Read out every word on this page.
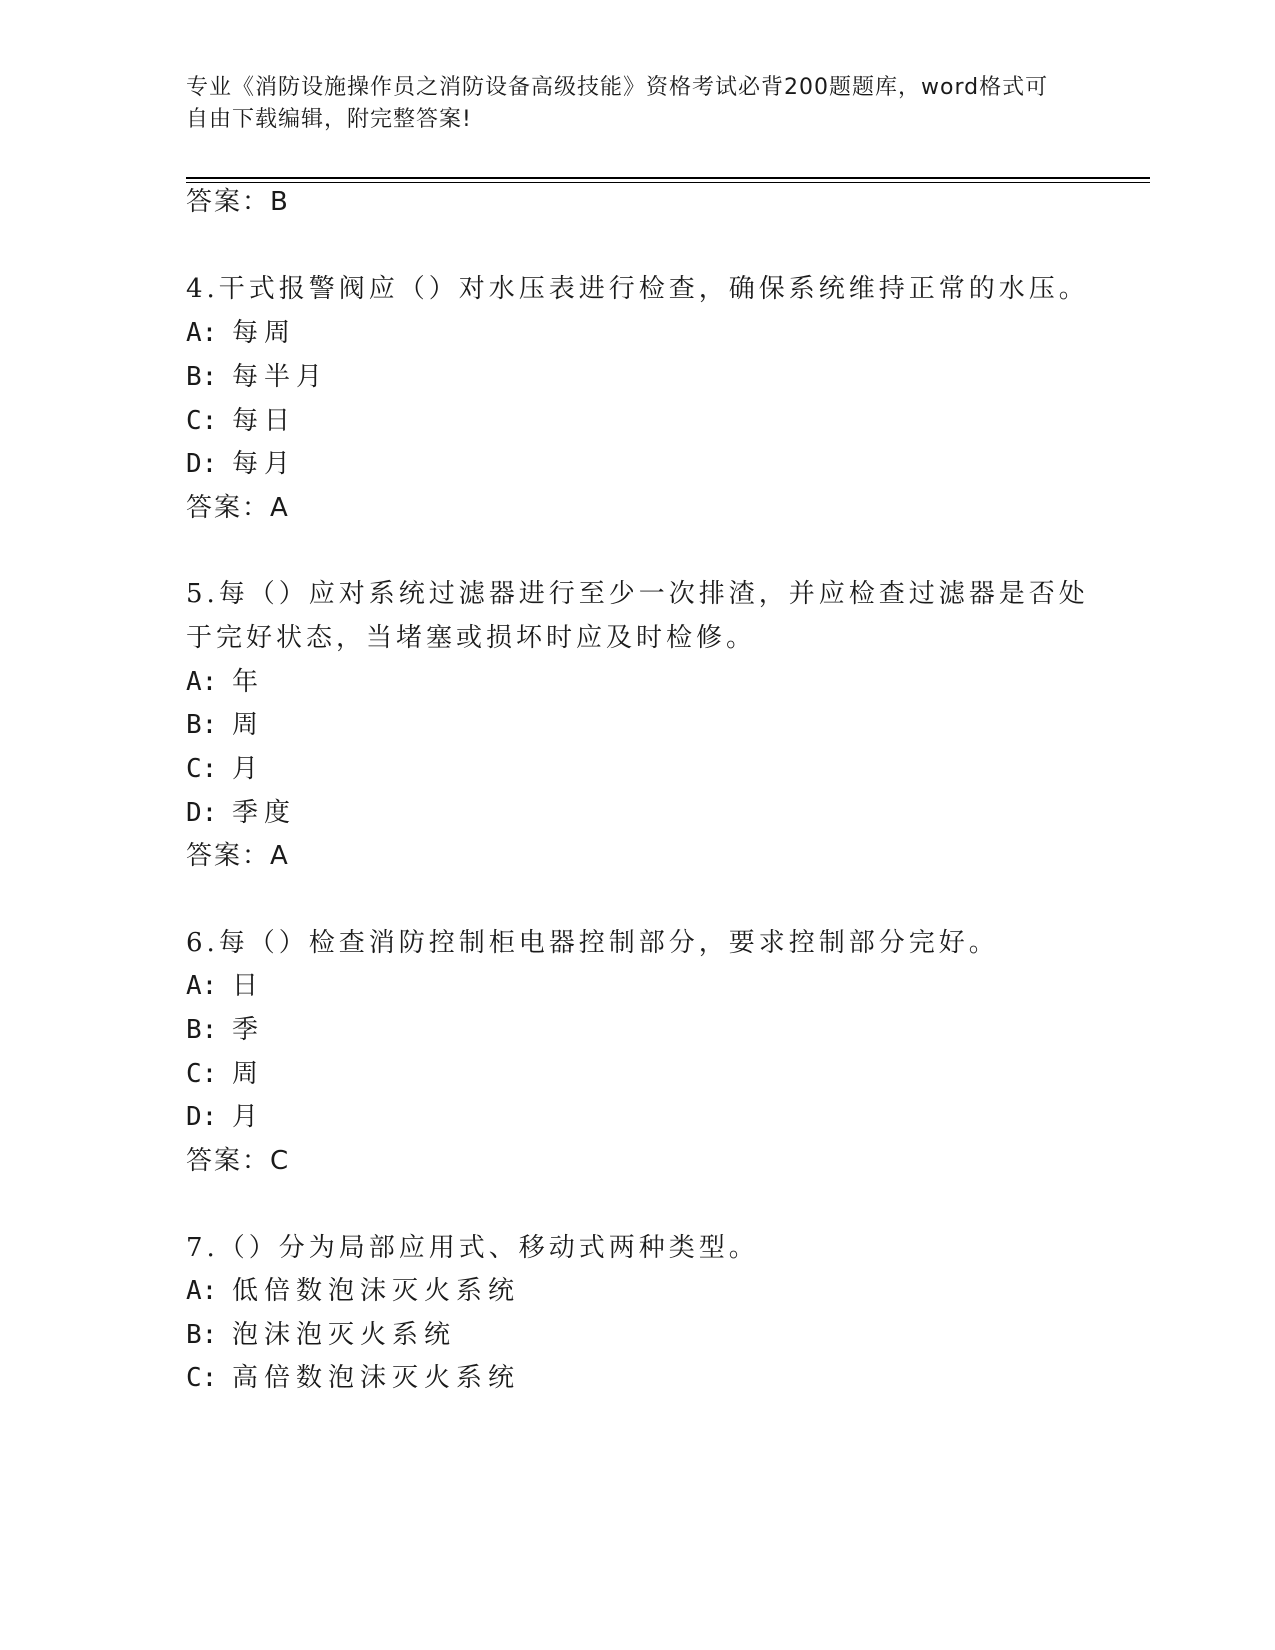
专业《消防设施操作员之消防设备高级技能》资格考试必背200题题库，word格式可自由下载编辑，附完整答案!
答案：B
4.干式报警阀应（）对水压表进行检查，确保系统维持正常的水压。
A: 每周
B: 每半月
C: 每日
D: 每月
答案：A
5.每（）应对系统过滤器进行至少一次排渣，并应检查过滤器是否处
于完好状态，当堵塞或损坏时应及时检修。
A: 年
B: 周
C: 月
D: 季度
答案：A
6.每（）检查消防控制柜电器控制部分，要求控制部分完好。
A: 日
B: 季
C: 周
D: 月
答案：C
7.（）分为局部应用式、移动式两种类型。
A: 低倍数泡沫灭火系统
B: 泡沫泡灭火系统
C: 高倍数泡沫灭火系统
